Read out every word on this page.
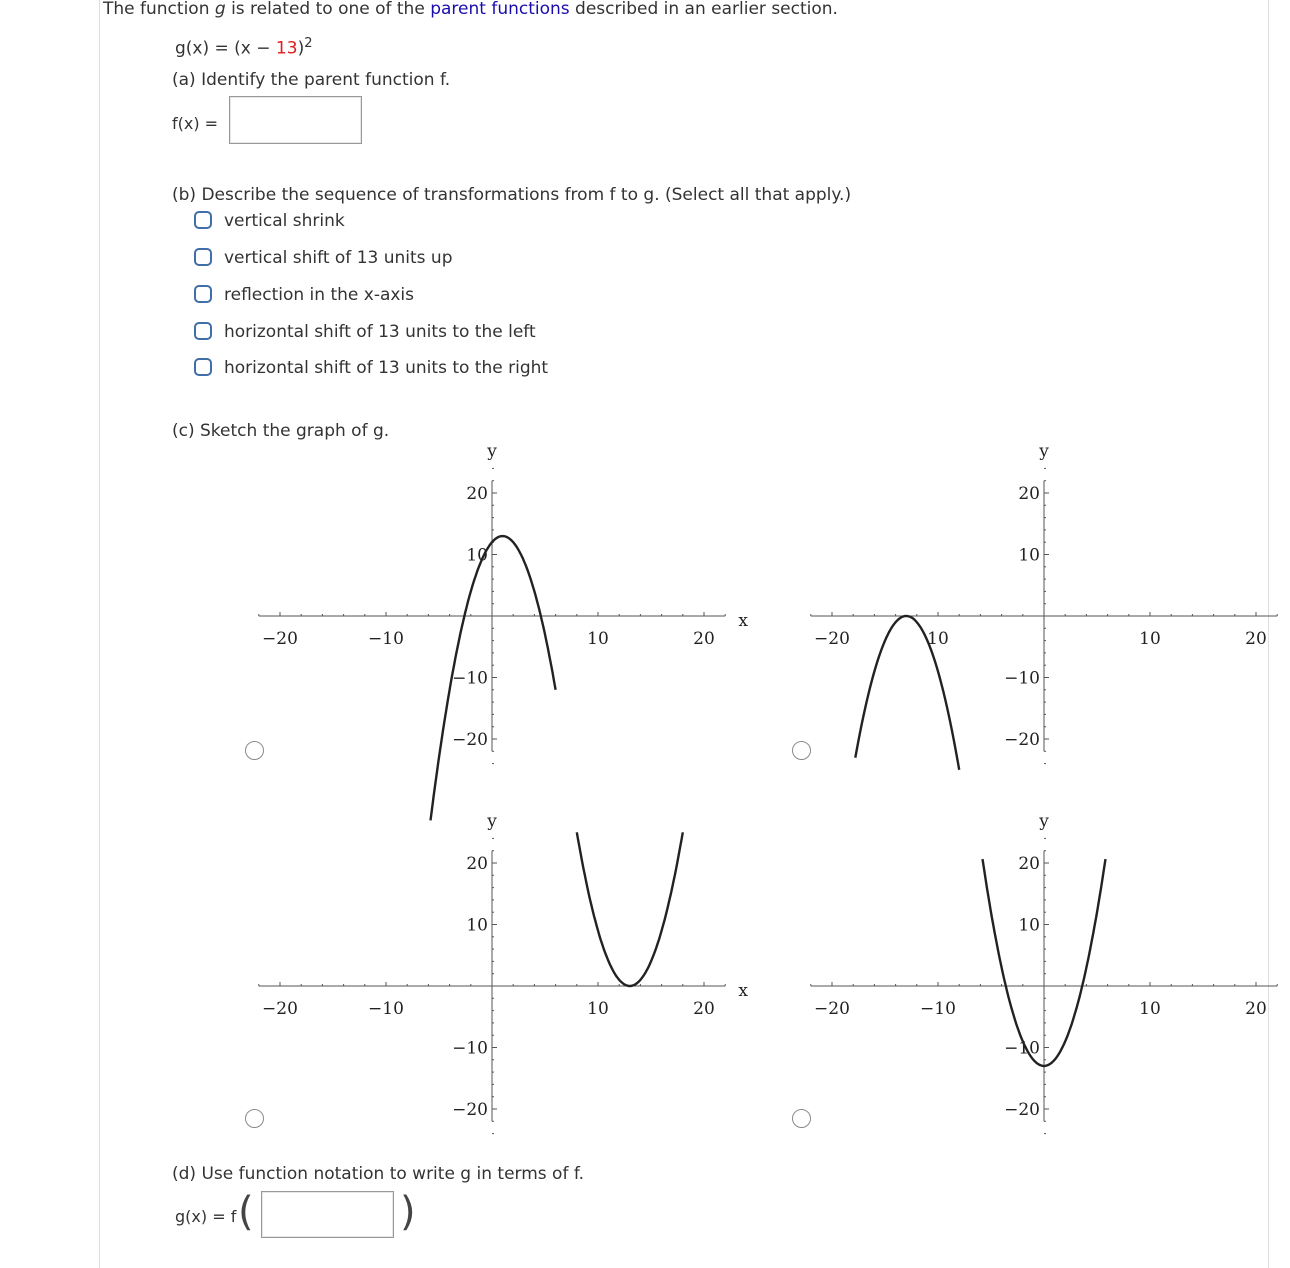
The function g is related to one of the parent functions described in an earlier section.
$g(x) = (x - 13)^2$
(a) Identify the parent function f.
f(x) =
(b) Describe the sequence of transformations from f to g. (Select all that apply.)
vertical shrink
vertical shift of 13 units up
reflection in the x-axis
horizontal shift of 13 units to the left
horizontal shift of 13 units to the right
(c) Sketch the graph of g.
−20	−10	10	20
20
10
−10
−20
y
x
−20	10	10	20
20
10
−10
−20
y
−20	−10	10	20
20
10
−10
−20
y
x
−20	−10	10	20
20
10
−10
−20
y
(d) Use function notation to write g in terms of f.
g(x) = f (	)
